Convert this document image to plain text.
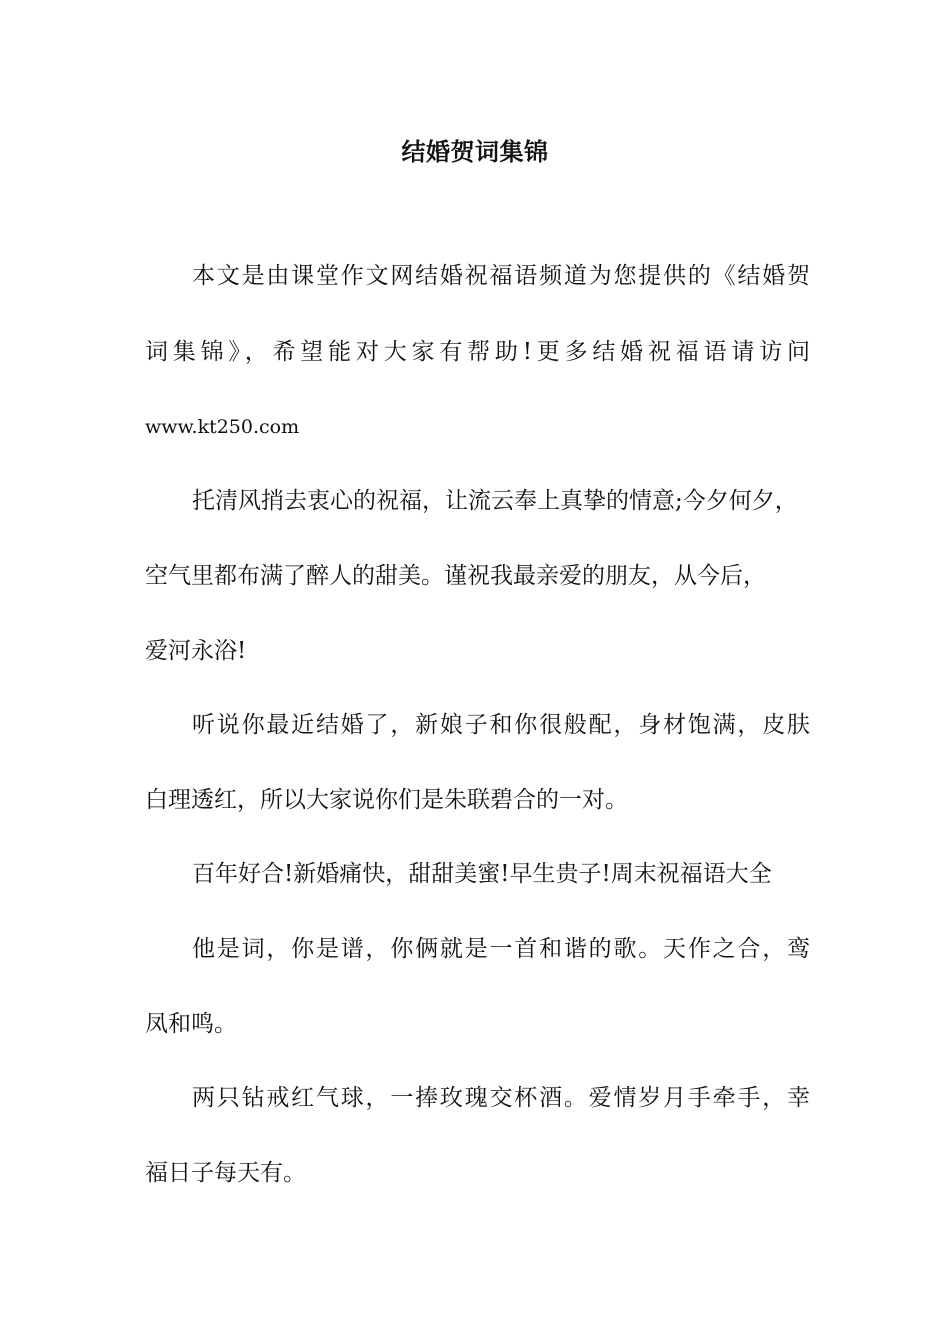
结婚贺词集锦
本文是由课堂作文网结婚祝福语频道为您提供的《结婚贺
词集锦》，希望能对大家有帮助!更多结婚祝福语请访问
www.kt250.com
托清风捎去衷心的祝福，让流云奉上真挚的情意;今夕何夕，
空气里都布满了醉人的甜美。谨祝我最亲爱的朋友，从今后，
爱河永浴!
听说你最近结婚了，新娘子和你很般配，身材饱满，皮肤
白理透红，所以大家说你们是朱联碧合的一对。
百年好合!新婚痛快，甜甜美蜜!早生贵子!周末祝福语大全
他是词，你是谱，你俩就是一首和谐的歌。天作之合，鸾
凤和鸣。
两只钻戒红气球，一捧玫瑰交杯酒。爱情岁月手牵手，幸
福日子每天有。
